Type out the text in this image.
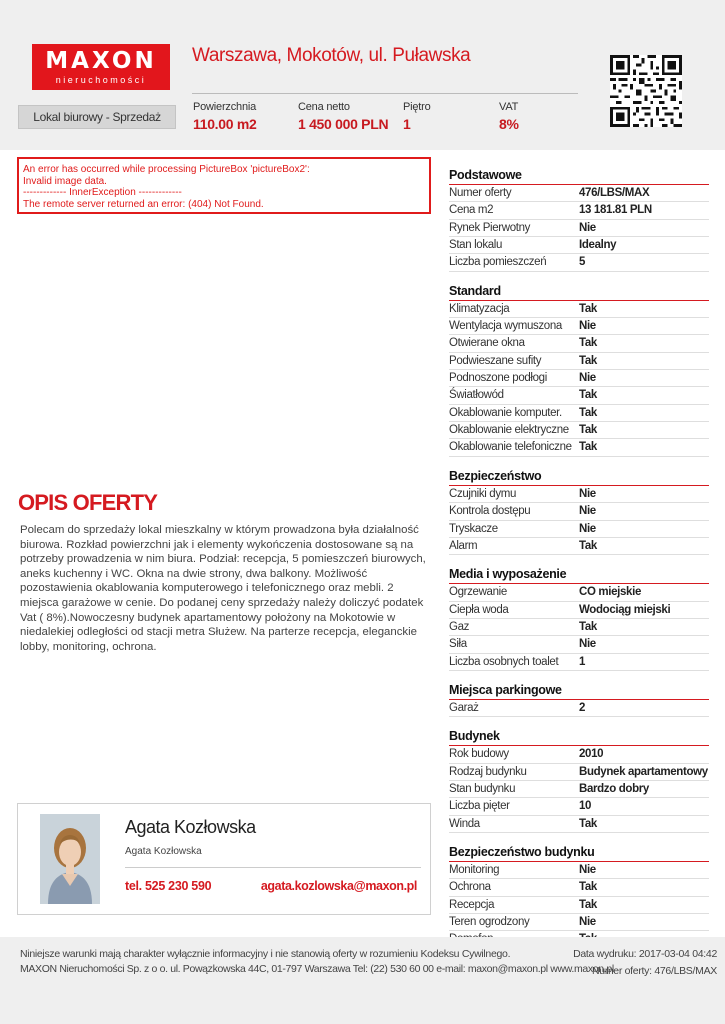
MAXON
nieruchomości
Warszawa, Mokotów, ul. Puławska
Lokal biurowy - Sprzedaż
Powierzchnia
110.00 m2
Cena netto
1 450 000 PLN
Piętro
1
VAT
8%
An error has occurred while processing PictureBox 'pictureBox2':
Invalid image data.
------------- InnerException -------------
The remote server returned an error: (404) Not Found.
OPIS OFERTY
Polecam do sprzedaży lokal mieszkalny w którym prowadzona była działalność biurowa. Rozkład powierzchni jak i elementy wykończenia dostosowane są na potrzeby prowadzenia w nim biura. Podział: recepcja, 5 pomieszczeń biurowych, aneks kuchenny i WC. Okna na dwie strony, dwa balkony. Możliwość pozostawienia okablowania komputerowego i telefonicznego oraz mebli. 2 miejsca garażowe w cenie. Do podanej ceny sprzedaży należy doliczyć podatek Vat ( 8%).Nowoczesny budynek apartamentowy położony na Mokotowie w niedalekiej odległości od stacji metra Służew. Na parterze recepcja, eleganckie lobby, monitoring, ochrona.
Agata Kozłowska
Agata Kozłowska
tel. 525 230 590	agata.kozlowska@maxon.pl
Podstawowe
Numer oferty	476/LBS/MAX
Cena m2	13 181.81 PLN
Rynek Pierwotny	Nie
Stan lokalu	Idealny
Liczba pomieszczeń	5
Standard
Klimatyzacja	Tak
Wentylacja wymuszona	Nie
Otwierane okna	Tak
Podwieszane sufity	Tak
Podnoszone podłogi	Nie
Światłowód	Tak
Okablowanie komputer.	Tak
Okablowanie elektryczne Tak
Okablowanie telefoniczne Tak
Bezpieczeństwo
Czujniki dymu	Nie
Kontrola dostępu	Nie
Tryskacze	Nie
Alarm	Tak
Media i wyposażenie
Ogrzewanie	CO miejskie
Ciepła woda	Wodociąg miejski
Gaz	Tak
Siła	Nie
Liczba osobnych toalet	1
Miejsca parkingowe
Garaż	2
Budynek
Rok budowy	2010
Rodzaj budynku	Budynek apartamentowy
Stan budynku	Bardzo dobry
Liczba pięter	10
Winda	Tak
Bezpieczeństwo budynku
Monitoring	Nie
Ochrona	Tak
Recepcja	Tak
Teren ogrodzony	Nie
Niniejsze warunki mają charakter wyłącznie informacyjny i nie stanowią oferty w rozumieniu Kodeksu Cywilnego.
MAXON Nieruchomości Sp. z o o. ul. Powązkowska 44C, 01-797 Warszawa Tel: (22) 530 60 00 e-mail: maxon@maxon.pl www.maxon.pl
Data wydruku: 2017-03-04 04:42
Numer oferty: 476/LBS/MAX
